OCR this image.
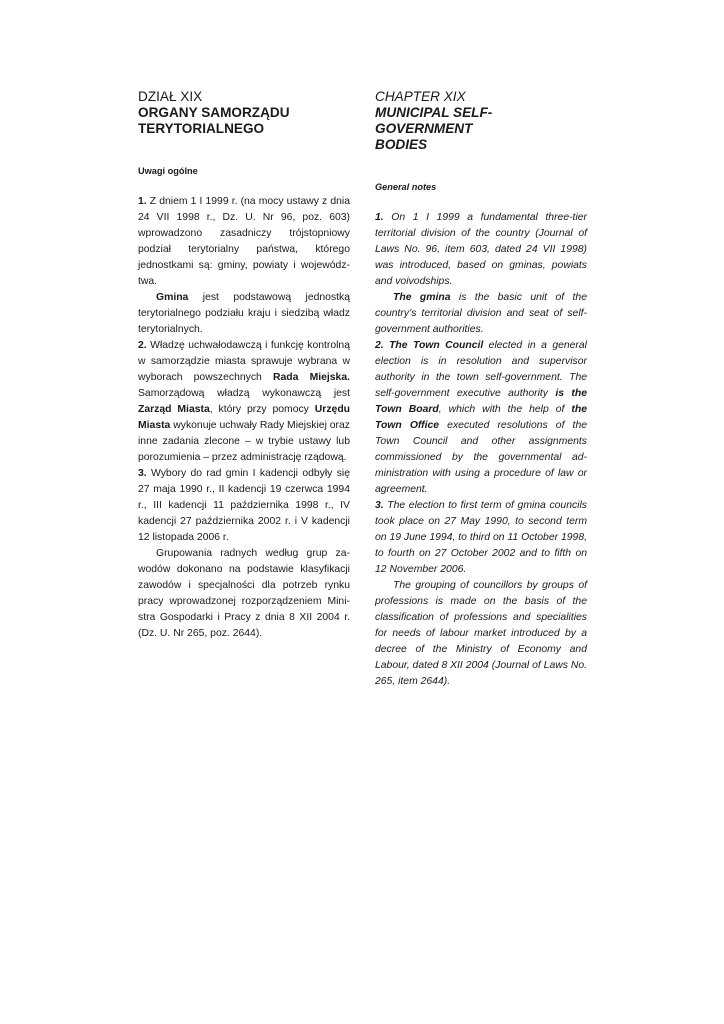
DZIAŁ XIX
ORGANY SAMORZĄDU
TERYTORIALNEGO
Uwagi ogólne

1. Z dniem 1 I 1999 r. (na mocy ustawy z dnia 24 VII 1998 r., Dz. U. Nr 96, poz. 603) wprowadzono zasadniczy trójstopniowy podział terytorialny państwa, którego jednostkami są: gminy, powiaty i województwa.

Gmina jest podstawową jednostką terytorialnego podziału kraju i siedzibą władz terytorialnych.

2. Władzę uchwałodawczą i funkcję kontrolną w samorządzie miasta sprawuje wybrana w wyborach powszechnych Rada Miejska. Samorządową władzą wykonawczą jest Zarząd Miasta, który przy pomocy Urzędu Miasta wykonuje uchwały Rady Miejskiej oraz inne zadania zlecone – w trybie ustawy lub porozumienia – przez administrację rządową.

3. Wybory do rad gmin I kadencji odbyły się 27 maja 1990 r., II kadencji 19 czerwca 1994 r., III kadencji 11 października 1998 r., IV kadencji 27 października 2002 r. i V kadencji 12 listopada 2006 r.

Grupowania radnych według grup zawodów dokonano na podstawie klasyfikacji zawodów i specjalności dla potrzeb rynku pracy wprowadzonej rozporządzeniem Ministra Gospodarki i Pracy z dnia 8 XII 2004 r. (Dz. U. Nr 265, poz. 2644).

CHAPTER XIX
MUNICIPAL SELF-GOVERNMENT
BODIES
General notes

1. On 1 I 1999 a fundamental three-tier territorial division of the country (Journal of Laws No. 96, item 603, dated 24 VII 1998) was introduced, based on gminas, powiats and voivodships.

The gmina is the basic unit of the country’s territorial division and seat of self-government authorities.

2. The Town Council elected in a general election is in resolution and supervisor authority in the town self-government. The self-government executive authority is the Town Board, which with the help of the Town Office executed resolutions of the Town Council and other assignments commissioned by the governmental administration with using a procedure of law or agreement.

3. The election to first term of gmina councils took place on 27 May 1990, to second term on 19 June 1994, to third on 11 October 1998, to fourth on 27 October 2002 and to fifth on 12 November 2006.

The grouping of councillors by groups of professions is made on the basis of the classification of professions and specialities for needs of labour market introduced by a decree of the Ministry of Economy and Labour, dated 8 XII 2004 (Journal of Laws No. 265, item 2644).
